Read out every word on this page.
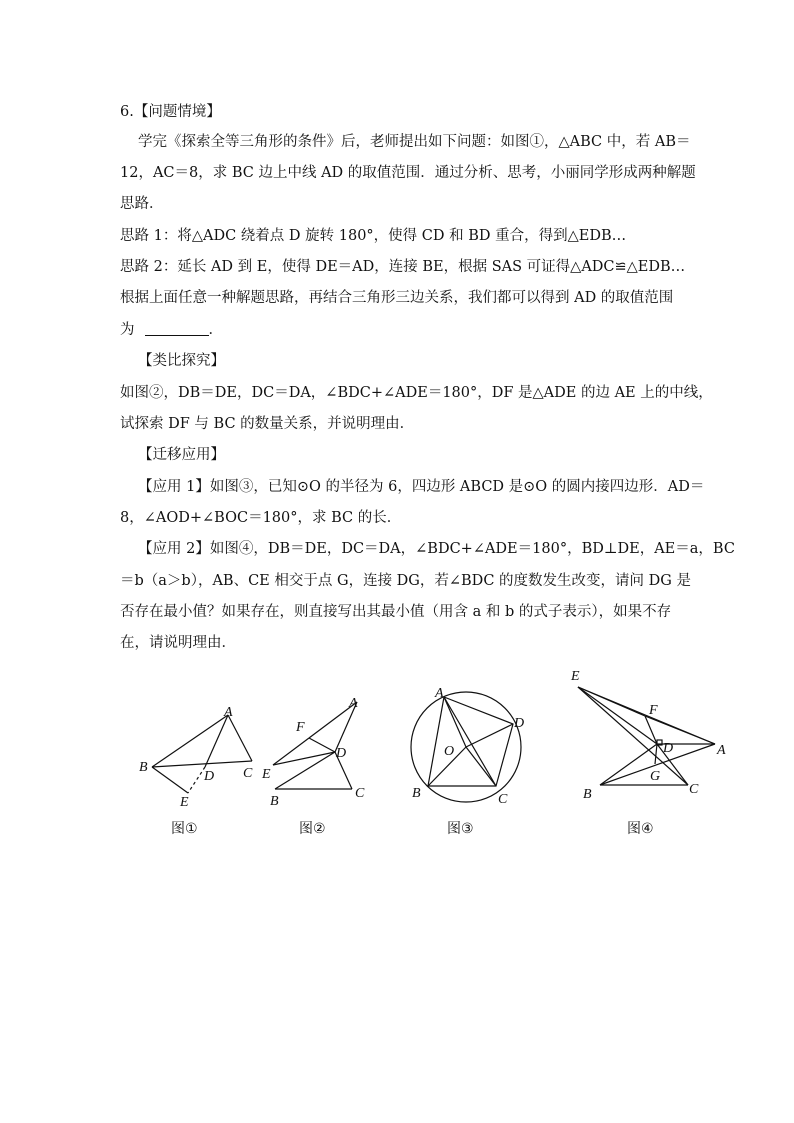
6.【问题情境】
学完《探索全等三角形的条件》后，老师提出如下问题：如图①，△ABC 中，若 AB＝
12，AC＝8，求 BC 边上中线 AD 的取值范围．通过分析、思考，小丽同学形成两种解题
思路．
思路 1：将△ADC 绕着点 D 旋转 180°，使得 CD 和 BD 重合，得到△EDB…
思路 2：延长 AD 到 E，使得 DE＝AD，连接 BE，根据 SAS 可证得△ADC≌△EDB…
根据上面任意一种解题思路，再结合三角形三边关系，我们都可以得到 AD 的取值范围
为	．
【类比探究】
如图②，DB＝DE，DC＝DA，∠BDC+∠ADE＝180°，DF 是△ADE 的边 AE 上的中线，
试探索 DF 与 BC 的数量关系，并说明理由．
【迁移应用】
【应用 1】如图③，已知⊙O 的半径为 6，四边形 ABCD 是⊙O 的圆内接四边形．AD＝
8，∠AOD+∠BOC＝180°，求 BC 的长．
【应用 2】如图④，DB＝DE，DC＝DA，∠BDC+∠ADE＝180°，BD⊥DE，AE＝a，BC
＝b（a＞b），AB、CE 相交于点 G，连接 DG，若∠BDC 的度数发生改变，请问 DG 是
否存在最小值？如果存在，则直接写出其最小值（用含 a 和 b 的式子表示），如果不存
在，请说明理由．
A
B	C
D
E
A
F
D
E
B
C
A
D
O
B	C
E
F
D	A
G
B	C
图①	图②	图③	图④
